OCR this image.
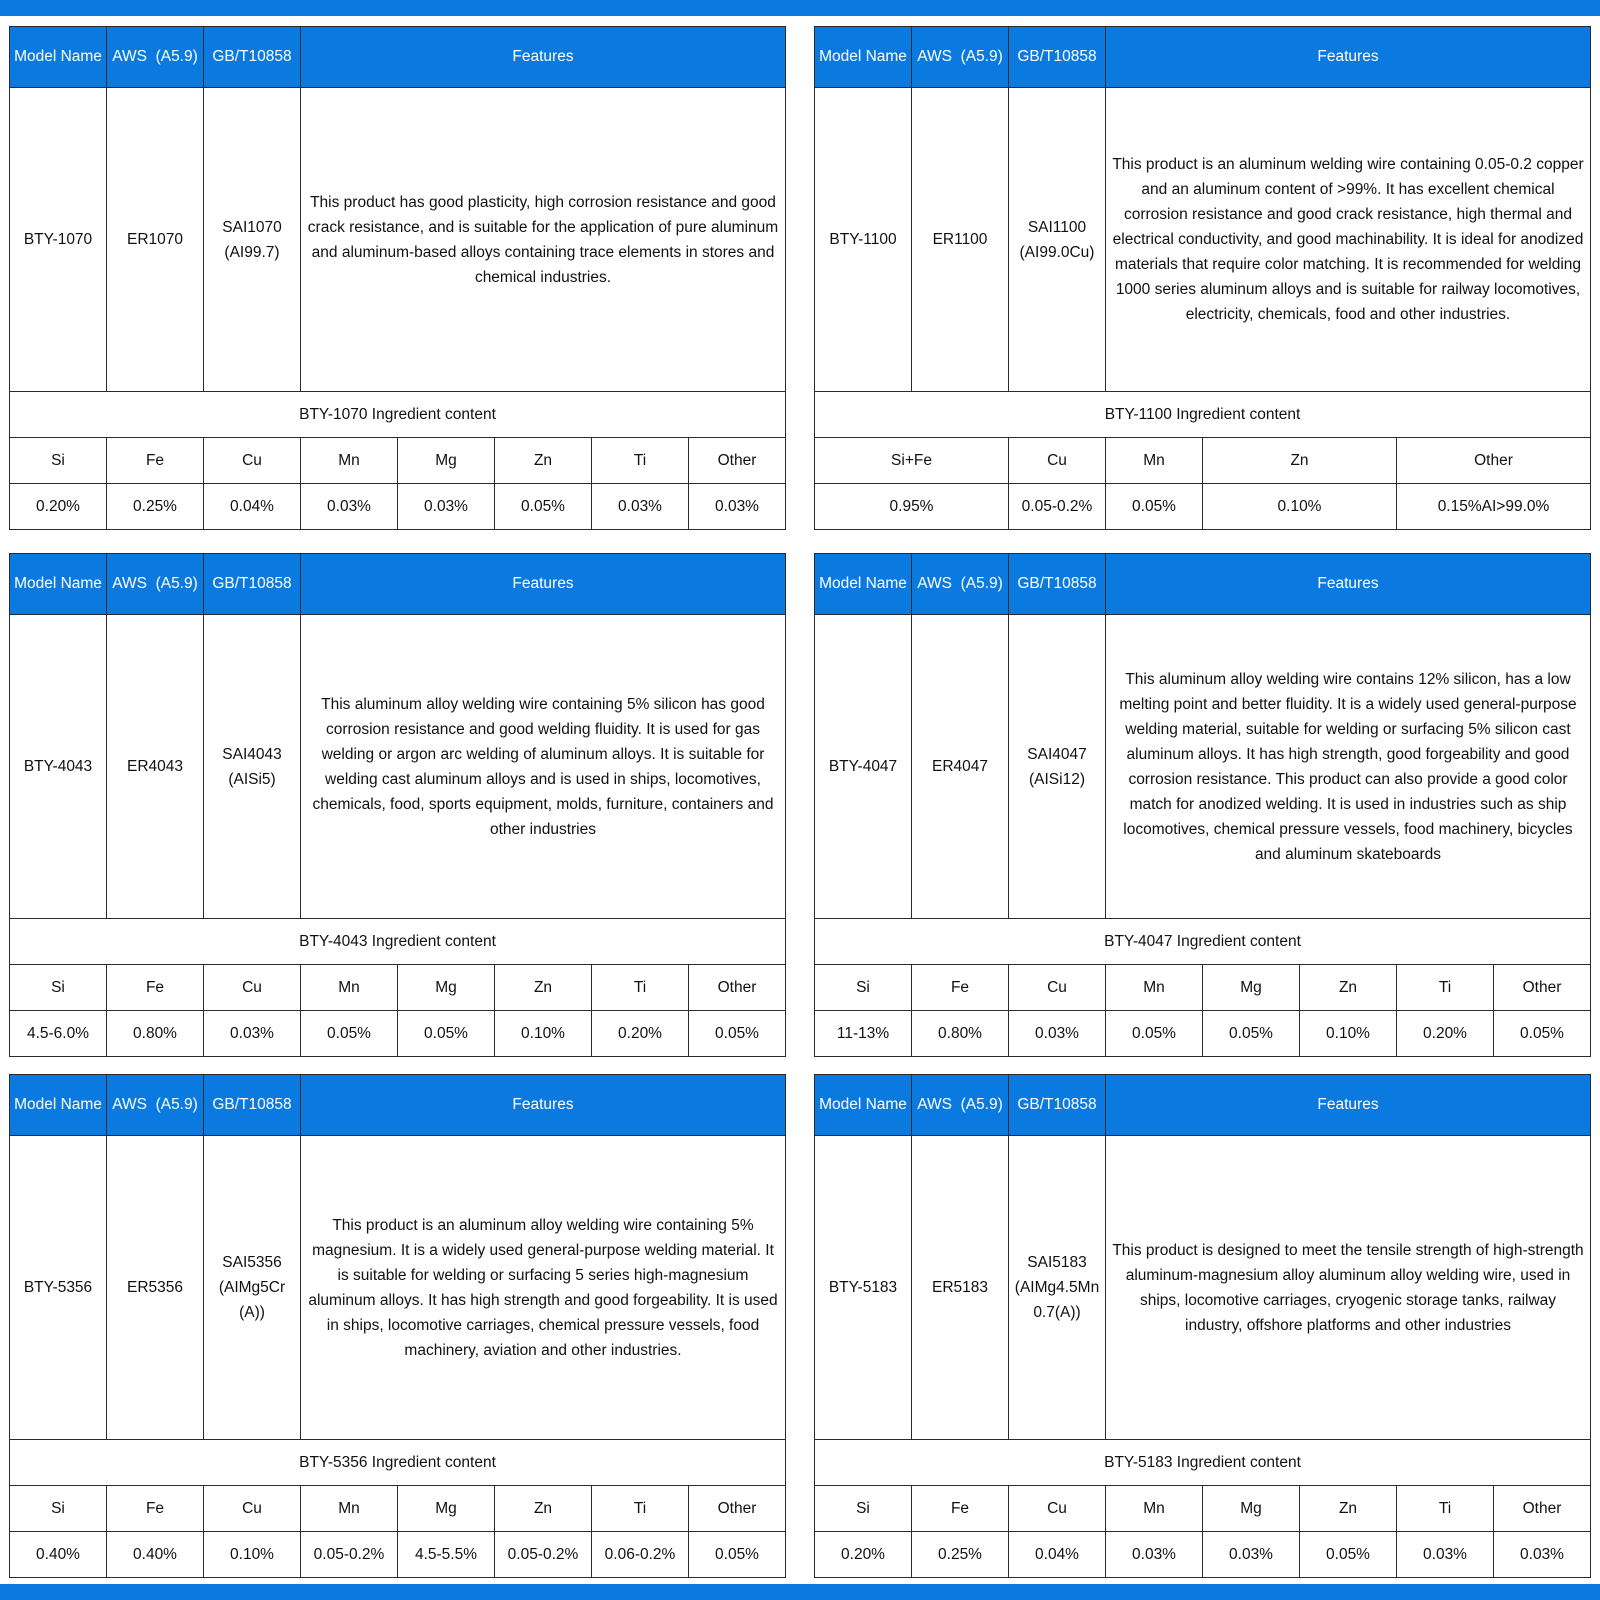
Model Name	AWS  (A5.9)	GB/T10858	Features				
BTY-1070	ER1070	SAI1070 (AI99.7)	This product has good plasticity, high corrosion resistance and good crack resistance, and is suitable for the application of pure aluminum and aluminum-based alloys containing trace elements in stores and chemical industries.				
BTY-1070 Ingredient content							
Si	Fe	Cu	Mn	Mg	Zn	Ti	Other
0.20%	0.25%	0.04%	0.03%	0.03%	0.05%	0.03%	0.03%
Model Name	AWS  (A5.9)	GB/T10858	Features		
BTY-1100	ER1100	SAI1100 (AI99.0Cu)	This product is an aluminum welding wire containing 0.05-0.2 copper and an aluminum content of >99%. It has excellent chemical corrosion resistance and good crack resistance, high thermal and electrical conductivity, and good machinability. It is ideal for anodized materials that require color matching. It is recommended for welding 1000 series aluminum alloys and is suitable for railway locomotives, electricity, chemicals, food and other industries.		
BTY-1100 Ingredient content					
Si+Fe		Cu	Mn	Zn	Other
0.95%		0.05-0.2%	0.05%	0.10%	0.15%AI>99.0%
Model Name	AWS  (A5.9)	GB/T10858	Features				
BTY-4043	ER4043	SAI4043 (AISi5)	This aluminum alloy welding wire containing 5% silicon has good corrosion resistance and good welding fluidity. It is used for gas welding or argon arc welding of aluminum alloys. It is suitable for welding cast aluminum alloys and is used in ships, locomotives, chemicals, food, sports equipment, molds, furniture, containers and other industries				
BTY-4043 Ingredient content							
Si	Fe	Cu	Mn	Mg	Zn	Ti	Other
4.5-6.0%	0.80%	0.03%	0.05%	0.05%	0.10%	0.20%	0.05%
Model Name	AWS  (A5.9)	GB/T10858	Features				
BTY-4047	ER4047	SAI4047 (AISi12)	This aluminum alloy welding wire contains 12% silicon, has a low melting point and better fluidity. It is a widely used general-purpose welding material, suitable for welding or surfacing 5% silicon cast aluminum alloys. It has high strength, good forgeability and good corrosion resistance. This product can also provide a good color match for anodized welding. It is used in industries such as ship locomotives, chemical pressure vessels, food machinery, bicycles and aluminum skateboards				
BTY-4047 Ingredient content							
Si	Fe	Cu	Mn	Mg	Zn	Ti	Other
11-13%	0.80%	0.03%	0.05%	0.05%	0.10%	0.20%	0.05%
Model Name	AWS  (A5.9)	GB/T10858	Features				
BTY-5356	ER5356	SAI5356 (AIMg5Cr (A))	This product is an aluminum alloy welding wire containing 5% magnesium. It is a widely used general-purpose welding material. It is suitable for welding or surfacing 5 series high-magnesium aluminum alloys. It has high strength and good forgeability. It is used in ships, locomotive carriages, chemical pressure vessels, food machinery, aviation and other industries.				
BTY-5356 Ingredient content							
Si	Fe	Cu	Mn	Mg	Zn	Ti	Other
0.40%	0.40%	0.10%	0.05-0.2%	4.5-5.5%	0.05-0.2%	0.06-0.2%	0.05%
Model Name	AWS  (A5.9)	GB/T10858	Features				
BTY-5183	ER5183	SAI5183 (AIMg4.5Mn 0.7(A))	This product is designed to meet the tensile strength of high-strength aluminum-magnesium alloy aluminum alloy welding wire, used in ships, locomotive carriages, cryogenic storage tanks, railway industry, offshore platforms and other industries				
BTY-5183 Ingredient content							
Si	Fe	Cu	Mn	Mg	Zn	Ti	Other
0.20%	0.25%	0.04%	0.03%	0.03%	0.05%	0.03%	0.03%
